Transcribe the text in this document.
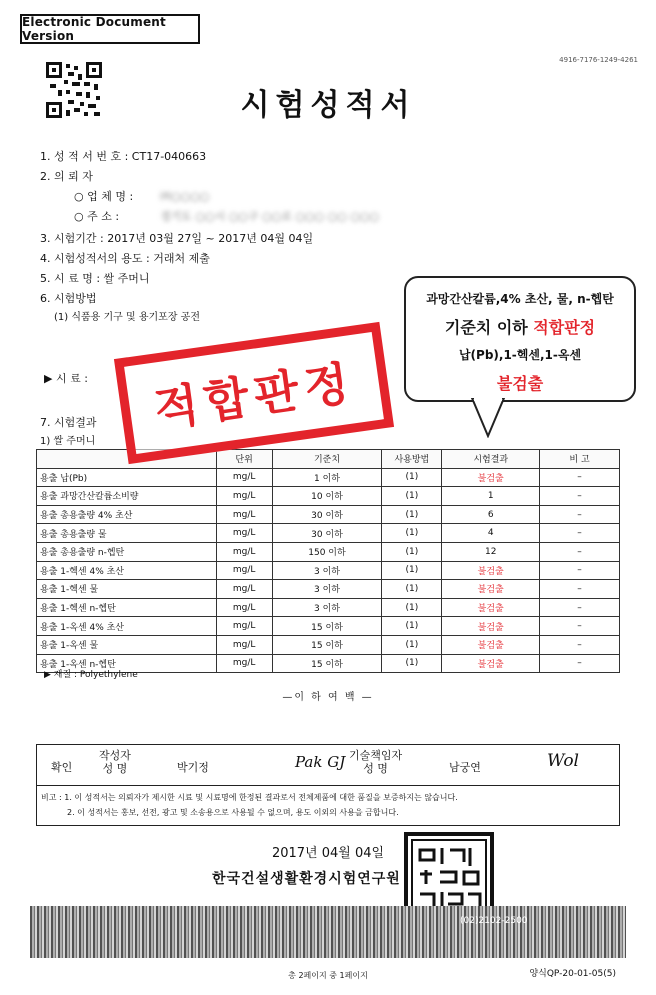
Electronic Document Version
4916-7176-1249-4261
시험성적서
1. 성 적 서 번 호 : CT17-040663
2. 의 뢰 자
○ 업 체 명 : ㈜○○○○
○ 주 소 :	경기도 ○○시 ○○구 ○○로 ○○○ ○○ ○○○
3. 시험기간 : 2017년 03월 27일 ~ 2017년 04월 04일
4. 시험성적서의 용도 : 거래처 제출
5. 시 료 명 : 쌀 주머니
6. 시험방법
(1) 식품용 기구 및 용기포장 공전
▶ 시 료 :
7. 시험결과
1) 쌀 주머니
	단위	기준치	사용방법	시험결과	비 고
용출 납(Pb)	mg/L	1 이하	(1)	불검출	–
용출 과망간산칼륨소비량	mg/L	10 이하	(1)	1	–
용출 총용출량 4% 초산	mg/L	30 이하	(1)	6	–
용출 총용출량 물	mg/L	30 이하	(1)	4	–
용출 총용출량 n-헵탄	mg/L	150 이하	(1)	12	–
용출 1-헥센 4% 초산	mg/L	3 이하	(1)	불검출	–
용출 1-헥센 물	mg/L	3 이하	(1)	불검출	–
용출 1-헥센 n-헵탄	mg/L	3 이하	(1)	불검출	–
용출 1-옥센 4% 초산	mg/L	15 이하	(1)	불검출	–
용출 1-옥센 물	mg/L	15 이하	(1)	불검출	–
용출 1-옥센 n-헵탄	mg/L	15 이하	(1)	불검출	–
▶ 재질 : Polyethylene
—이 하 여 백 —
적합판정
과망간산칼륨,4% 초산, 물, n-헵탄
기준치 이하 적합판정
납(Pb),1-헥센,1-옥센
불검출
확인
작성자
성 명	박기정	Pak GJ 기술책임자
성 명	남궁연	Wol
비고 : 1. 이 성적서는 의뢰자가 제시한 시료 및 시료명에 한정된 결과로서 전체제품에 대한 품질을 보증하지는 않습니다.
2. 이 성적서는 홍보, 선전, 광고 및 소송용으로 사용될 수 없으며, 용도 이외의 사용을 금합니다.
2017년 04월 04일
한국건설생활환경시험연구원
(02)2102-2500
총 2페이지 중 1페이지	양식QP-20-01-05(5)
